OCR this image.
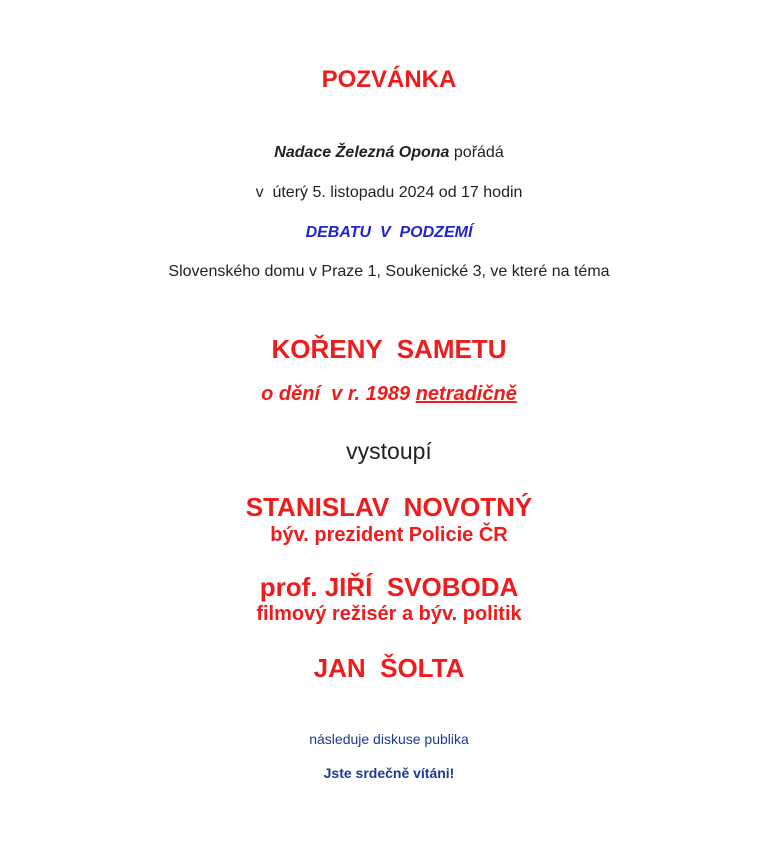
POZVÁNKA
Nadace Železná Opona pořádá
v  úterý 5. listopadu 2024 od 17 hodin
DEBATU  V  PODZEMÍ
Slovenského domu v Praze 1, Soukenické 3, ve které na téma
KOŘENY  SAMETU
o dění  v r. 1989 netradičně
vystoupí
STANISLAV  NOVOTNÝ
býv. prezident Policie ČR
prof. JIŘÍ  SVOBODA
filmový režisér a býv. politik
JAN  ŠOLTA
následuje diskuse publika
Jste srdečně vítáni!
